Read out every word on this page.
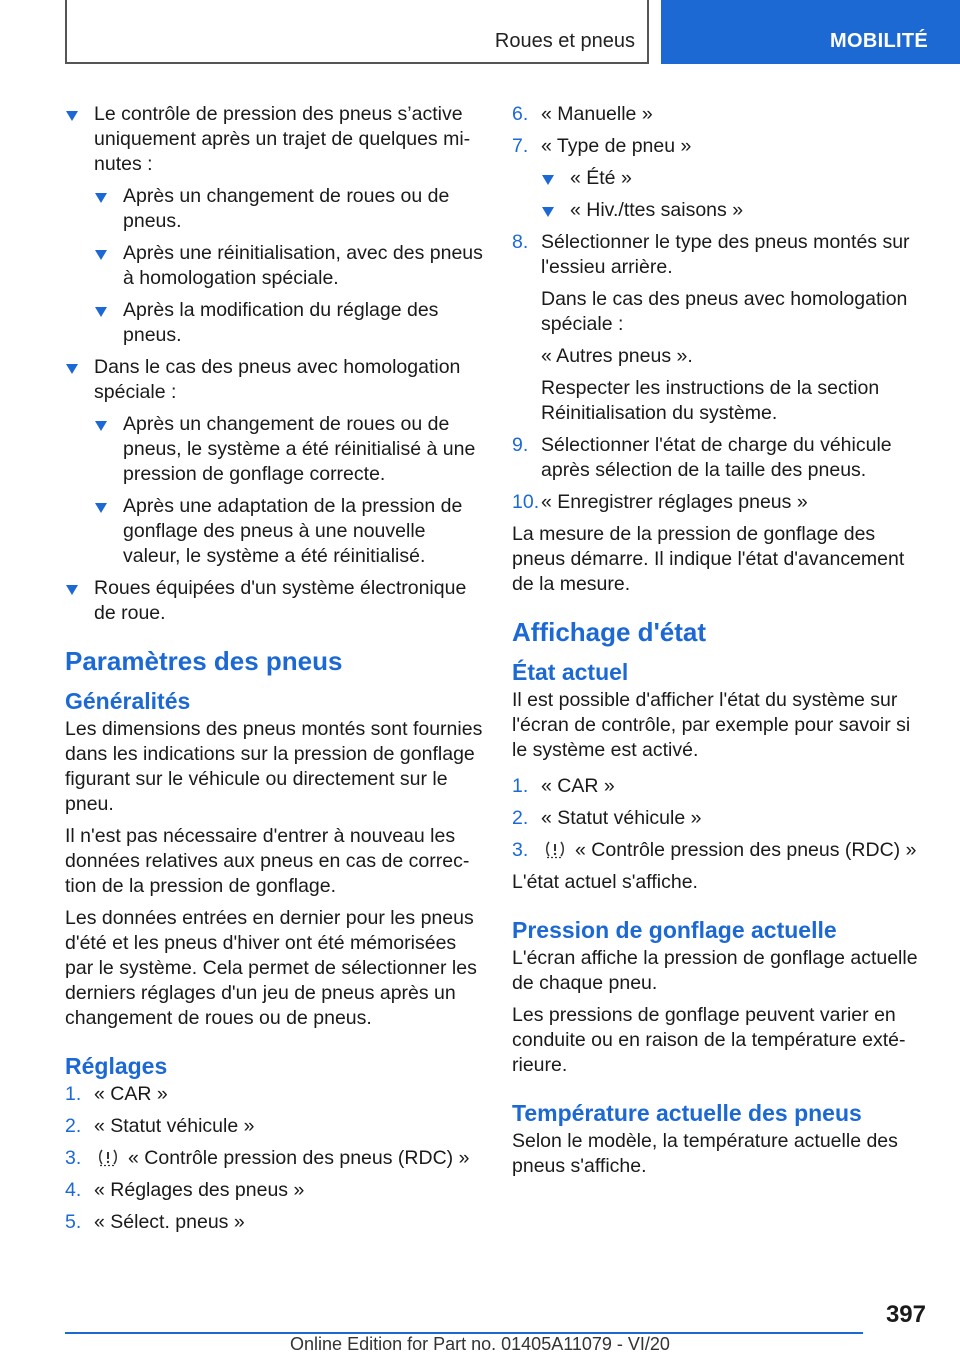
Roues et pneus	MOBILITÉ
Le contrôle de pression des pneus s’active uniquement après un trajet de quelques minutes :
Après un changement de roues ou de pneus.
Après une réinitialisation, avec des pneus à homologation spéciale.
Après la modification du réglage des pneus.
Dans le cas des pneus avec homologation spéciale :
Après un changement de roues ou de pneus, le système a été réinitialisé à une pression de gonflage correcte.
Après une adaptation de la pression de gonflage des pneus à une nouvelle valeur, le système a été réinitialisé.
Roues équipées d'un système électronique de roue.
Paramètres des pneus
Généralités
Les dimensions des pneus montés sont fournies dans les indications sur la pression de gonflage figurant sur le véhicule ou directement sur le pneu.
Il n'est pas nécessaire d'entrer à nouveau les données relatives aux pneus en cas de correction de la pression de gonflage.
Les données entrées en dernier pour les pneus d'été et les pneus d'hiver ont été mémorisées par le système. Cela permet de sélectionner les derniers réglages d'un jeu de pneus après un changement de roues ou de pneus.
Réglages
1. « CAR »
2. « Statut véhicule »
3. « Contrôle pression des pneus (RDC) »
4. « Réglages des pneus »
5. « Sélect. pneus »
6. « Manuelle »
7. « Type de pneu »
« Été »
« Hiv./ttes saisons »
8. Sélectionner le type des pneus montés sur l'essieu arrière.
Dans le cas des pneus avec homologation spéciale :
« Autres pneus ».
Respecter les instructions de la section Réinitialisation du système.
9. Sélectionner l'état de charge du véhicule après sélection de la taille des pneus.
10. « Enregistrer réglages pneus »
La mesure de la pression de gonflage des pneus démarre. Il indique l'état d'avancement de la mesure.
Affichage d'état
État actuel
Il est possible d'afficher l'état du système sur l'écran de contrôle, par exemple pour savoir si le système est activé.
1. « CAR »
2. « Statut véhicule »
3. « Contrôle pression des pneus (RDC) »
L'état actuel s'affiche.
Pression de gonflage actuelle
L'écran affiche la pression de gonflage actuelle de chaque pneu.
Les pressions de gonflage peuvent varier en conduite ou en raison de la température extérieure.
Température actuelle des pneus
Selon le modèle, la température actuelle des pneus s'affiche.
397
Online Edition for Part no. 01405A11079 - VI/20
